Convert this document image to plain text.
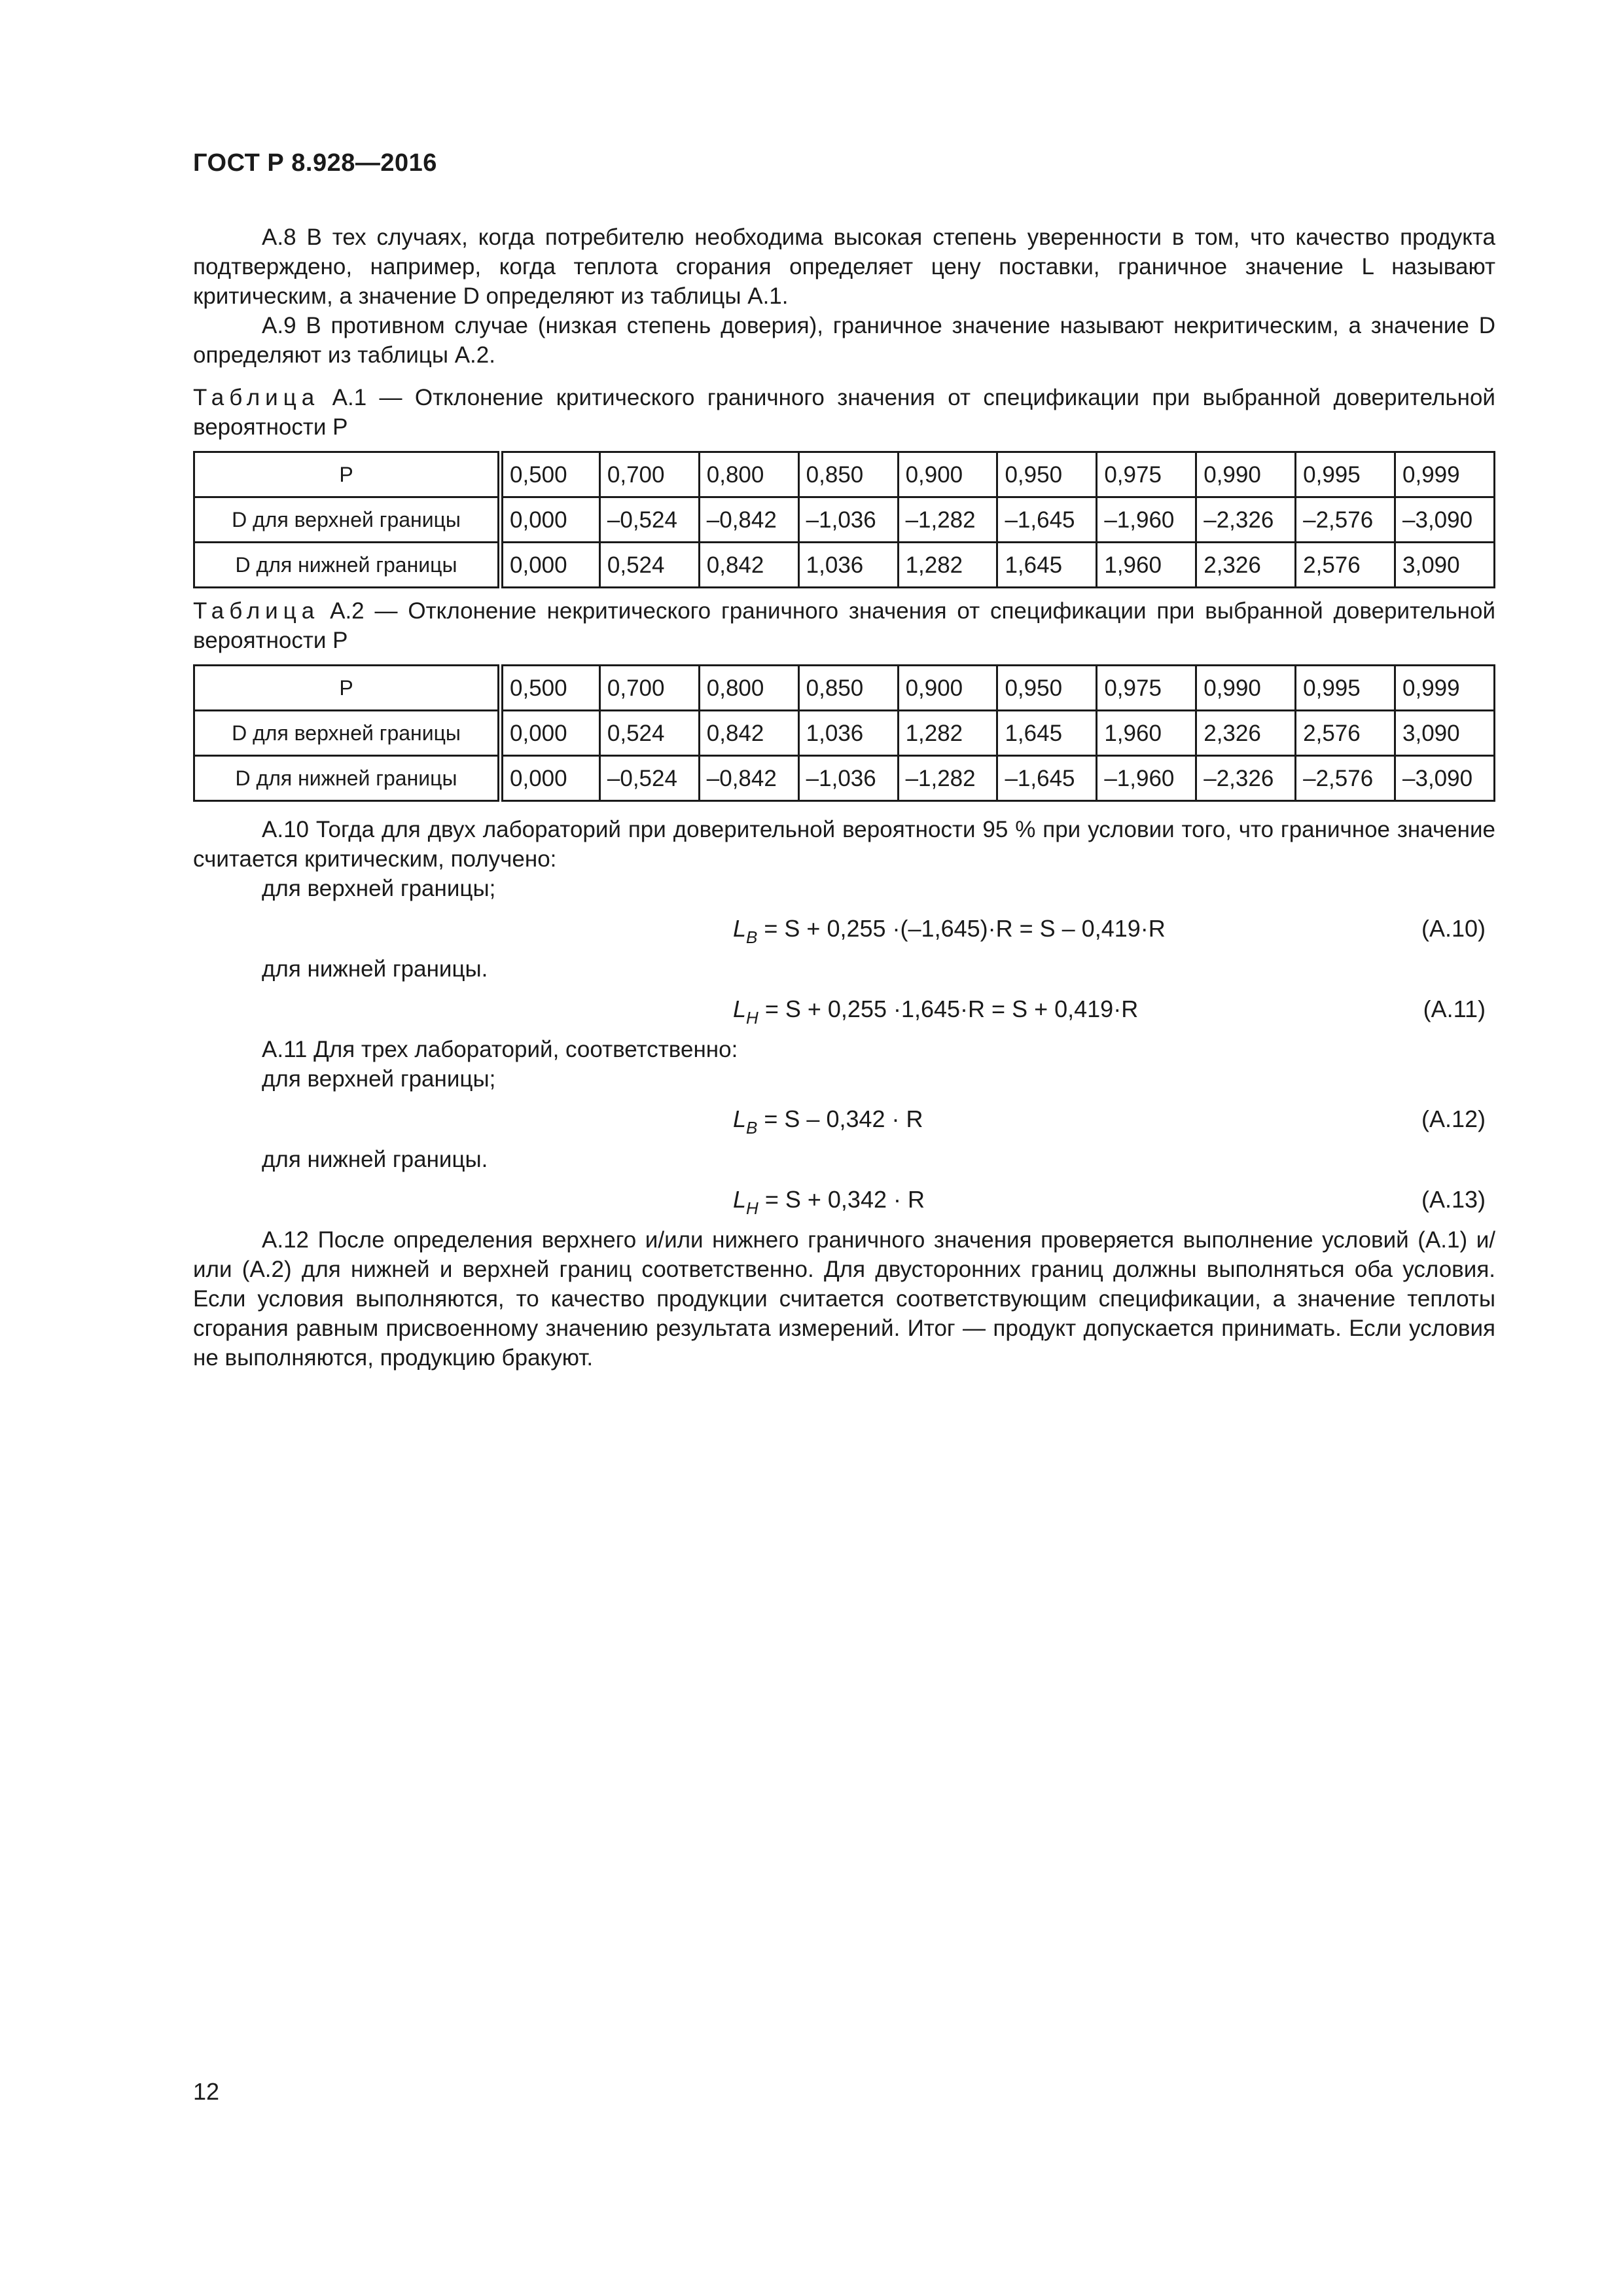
ГОСТ Р 8.928—2016

А.8 В тех случаях, когда потребителю необходима высокая степень уверенности в том, что качество продукта подтверждено, например, когда теплота сгорания определяет цену поставки, граничное значение L называют критическим, а значение D определяют из таблицы А.1.

А.9 В противном случае (низкая степень доверия), граничное значение называют некритическим, а значение D определяют из таблицы А.2.

Таблица А.1 — Отклонение критического граничного значения от спецификации при выбранной доверительной вероятности P

P	0,500	0,700	0,800	0,850	0,900	0,950	0,975	0,990	0,995	0,999
D для верхней границы	0,000	–0,524	–0,842	–1,036	–1,282	–1,645	–1,960	–2,326	–2,576	–3,090
D для нижней границы	0,000	0,524	0,842	1,036	1,282	1,645	1,960	2,326	2,576	3,090

Таблица А.2 — Отклонение некритического граничного значения от спецификации при выбранной доверительной вероятности P

P	0,500	0,700	0,800	0,850	0,900	0,950	0,975	0,990	0,995	0,999
D для верхней границы	0,000	0,524	0,842	1,036	1,282	1,645	1,960	2,326	2,576	3,090
D для нижней границы	0,000	–0,524	–0,842	–1,036	–1,282	–1,645	–1,960	–2,326	–2,576	–3,090

А.10 Тогда для двух лабораторий при доверительной вероятности 95 % при условии того, что граничное значение считается критическим, получено:

для верхней границы;

$L_B = S + 0,255 \cdot(-1,645)\cdot R = S - 0,419\cdot R$	(А.10)

для нижней границы.

$L_H = S + 0,255 \cdot 1,645\cdot R = S + 0,419\cdot R$	(А.11)

А.11 Для трех лабораторий, соответственно:

для верхней границы;

$L_B = S - 0,342 \cdot R$	(А.12)

для нижней границы.

$L_H = S + 0,342 \cdot R$	(А.13)

А.12 После определения верхнего и/или нижнего граничного значения проверяется выполнение условий (А.1) и/или (А.2) для нижней и верхней границ соответственно. Для двусторонних границ должны выполняться оба условия. Если условия выполняются, то качество продукции считается соответствующим спецификации, а значение теплоты сгорания равным присвоенному значению результата измерений. Итог — продукт допускается принимать. Если условия не выполняются, продукцию бракуют.

12
